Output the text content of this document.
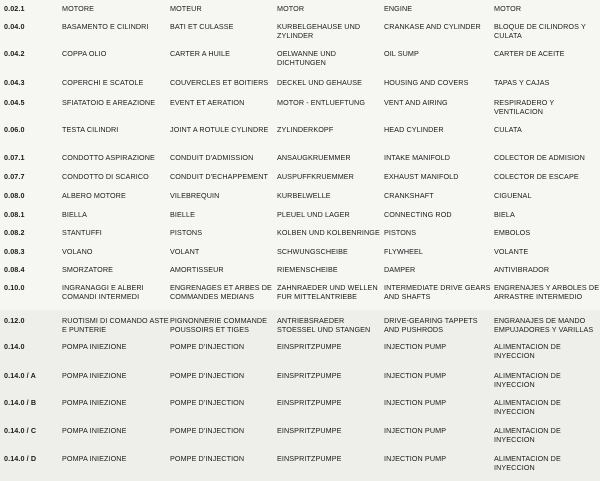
0.02.1	MOTORE	MOTEUR	MOTOR	ENGINE	MOTOR
0.04.0	BASAMENTO E CILINDRI	BATI ET CULASSE	KURBELGEHAUSE UND ZYLINDER	CRANKASE AND CYLINDER	BLOQUE DE CILINDROS Y CULATA
0.04.2	COPPA OLIO	CARTER A HUILE	OELWANNE UND DICHTUNGEN	OIL SUMP	CARTER DE ACEITE
0.04.3	COPERCHI E SCATOLE	COUVERCLES ET BOITIERS	DECKEL UND GEHAUSE	HOUSING AND COVERS	TAPAS Y CAJAS
0.04.5	SFIATATOIO E AREAZIONE	EVENT ET AERATION	MOTOR - ENTLUEFTUNG	VENT AND AIRING	RESPIRADERO Y VENTILACION
0.06.0	TESTA CILINDRI	JOINT A ROTULE CYLINDRE	ZYLINDERKOPF	HEAD CYLINDER	CULATA
0.07.1	CONDOTTO ASPIRAZIONE	CONDUIT D'ADMISSION	ANSAUGKRUEMMER	INTAKE MANIFOLD	COLECTOR DE ADMISION
0.07.7	CONDOTTO DI SCARICO	CONDUIT D'ECHAPPEMENT	AUSPUFFKRUEMMER	EXHAUST MANIFOLD	COLECTOR DE ESCAPE
0.08.0	ALBERO MOTORE	VILEBREQUIN	KURBELWELLE	CRANKSHAFT	CIGUENAL
0.08.1	BIELLA	BIELLE	PLEUEL UND LAGER	CONNECTING ROD	BIELA
0.08.2	STANTUFFI	PISTONS	KOLBEN UND KOLBENRINGE	PISTONS	EMBOLOS
0.08.3	VOLANO	VOLANT	SCHWUNGSCHEIBE	FLYWHEEL	VOLANTE
0.08.4	SMORZATORE	AMORTISSEUR	RIEMENSCHEIBE	DAMPER	ANTIVIBRADOR
0.10.0	INGRANAGGI E ALBERI COMANDI INTERMEDI	ENGRENAGES ET ARBES DE COMMANDES MEDIANS	ZAHNRAEDER UND WELLEN FUR MITTELANTRIEBE	INTERMEDIATE DRIVE GEARS AND SHAFTS	ENGRENAJES Y ARBOLES DE ARRASTRE INTERMEDIO
0.12.0	RUOTISMI DI COMANDO ASTE E PUNTERIE	PIGNONNERIE COMMANDE POUSSOIRS ET TIGES	ANTRIEBSRAEDER STOESSEL UND STANGEN	DRIVE-GEARING TAPPETS AND PUSHRODS	ENGRANAJES DE MANDO EMPUJADORES Y VARILLAS
0.14.0	POMPA INIEZIONE	POMPE D'INJECTION	EINSPRITZPUMPE	INJECTION PUMP	ALIMENTACION DE INYECCION
0.14.0 / A	POMPA INIEZIONE	POMPE D'INJECTION	EINSPRITZPUMPE	INJECTION PUMP	ALIMENTACION DE INYECCION
0.14.0 / B	POMPA INIEZIONE	POMPE D'INJECTION	EINSPRITZPUMPE	INJECTION PUMP	ALIMENTACION DE INYECCION
0.14.0 / C	POMPA INIEZIONE	POMPE D'INJECTION	EINSPRITZPUMPE	INJECTION PUMP	ALIMENTACION DE INYECCION
0.14.0 / D	POMPA INIEZIONE	POMPE D'INJECTION	EINSPRITZPUMPE	INJECTION PUMP	ALIMENTACION DE INYECCION
